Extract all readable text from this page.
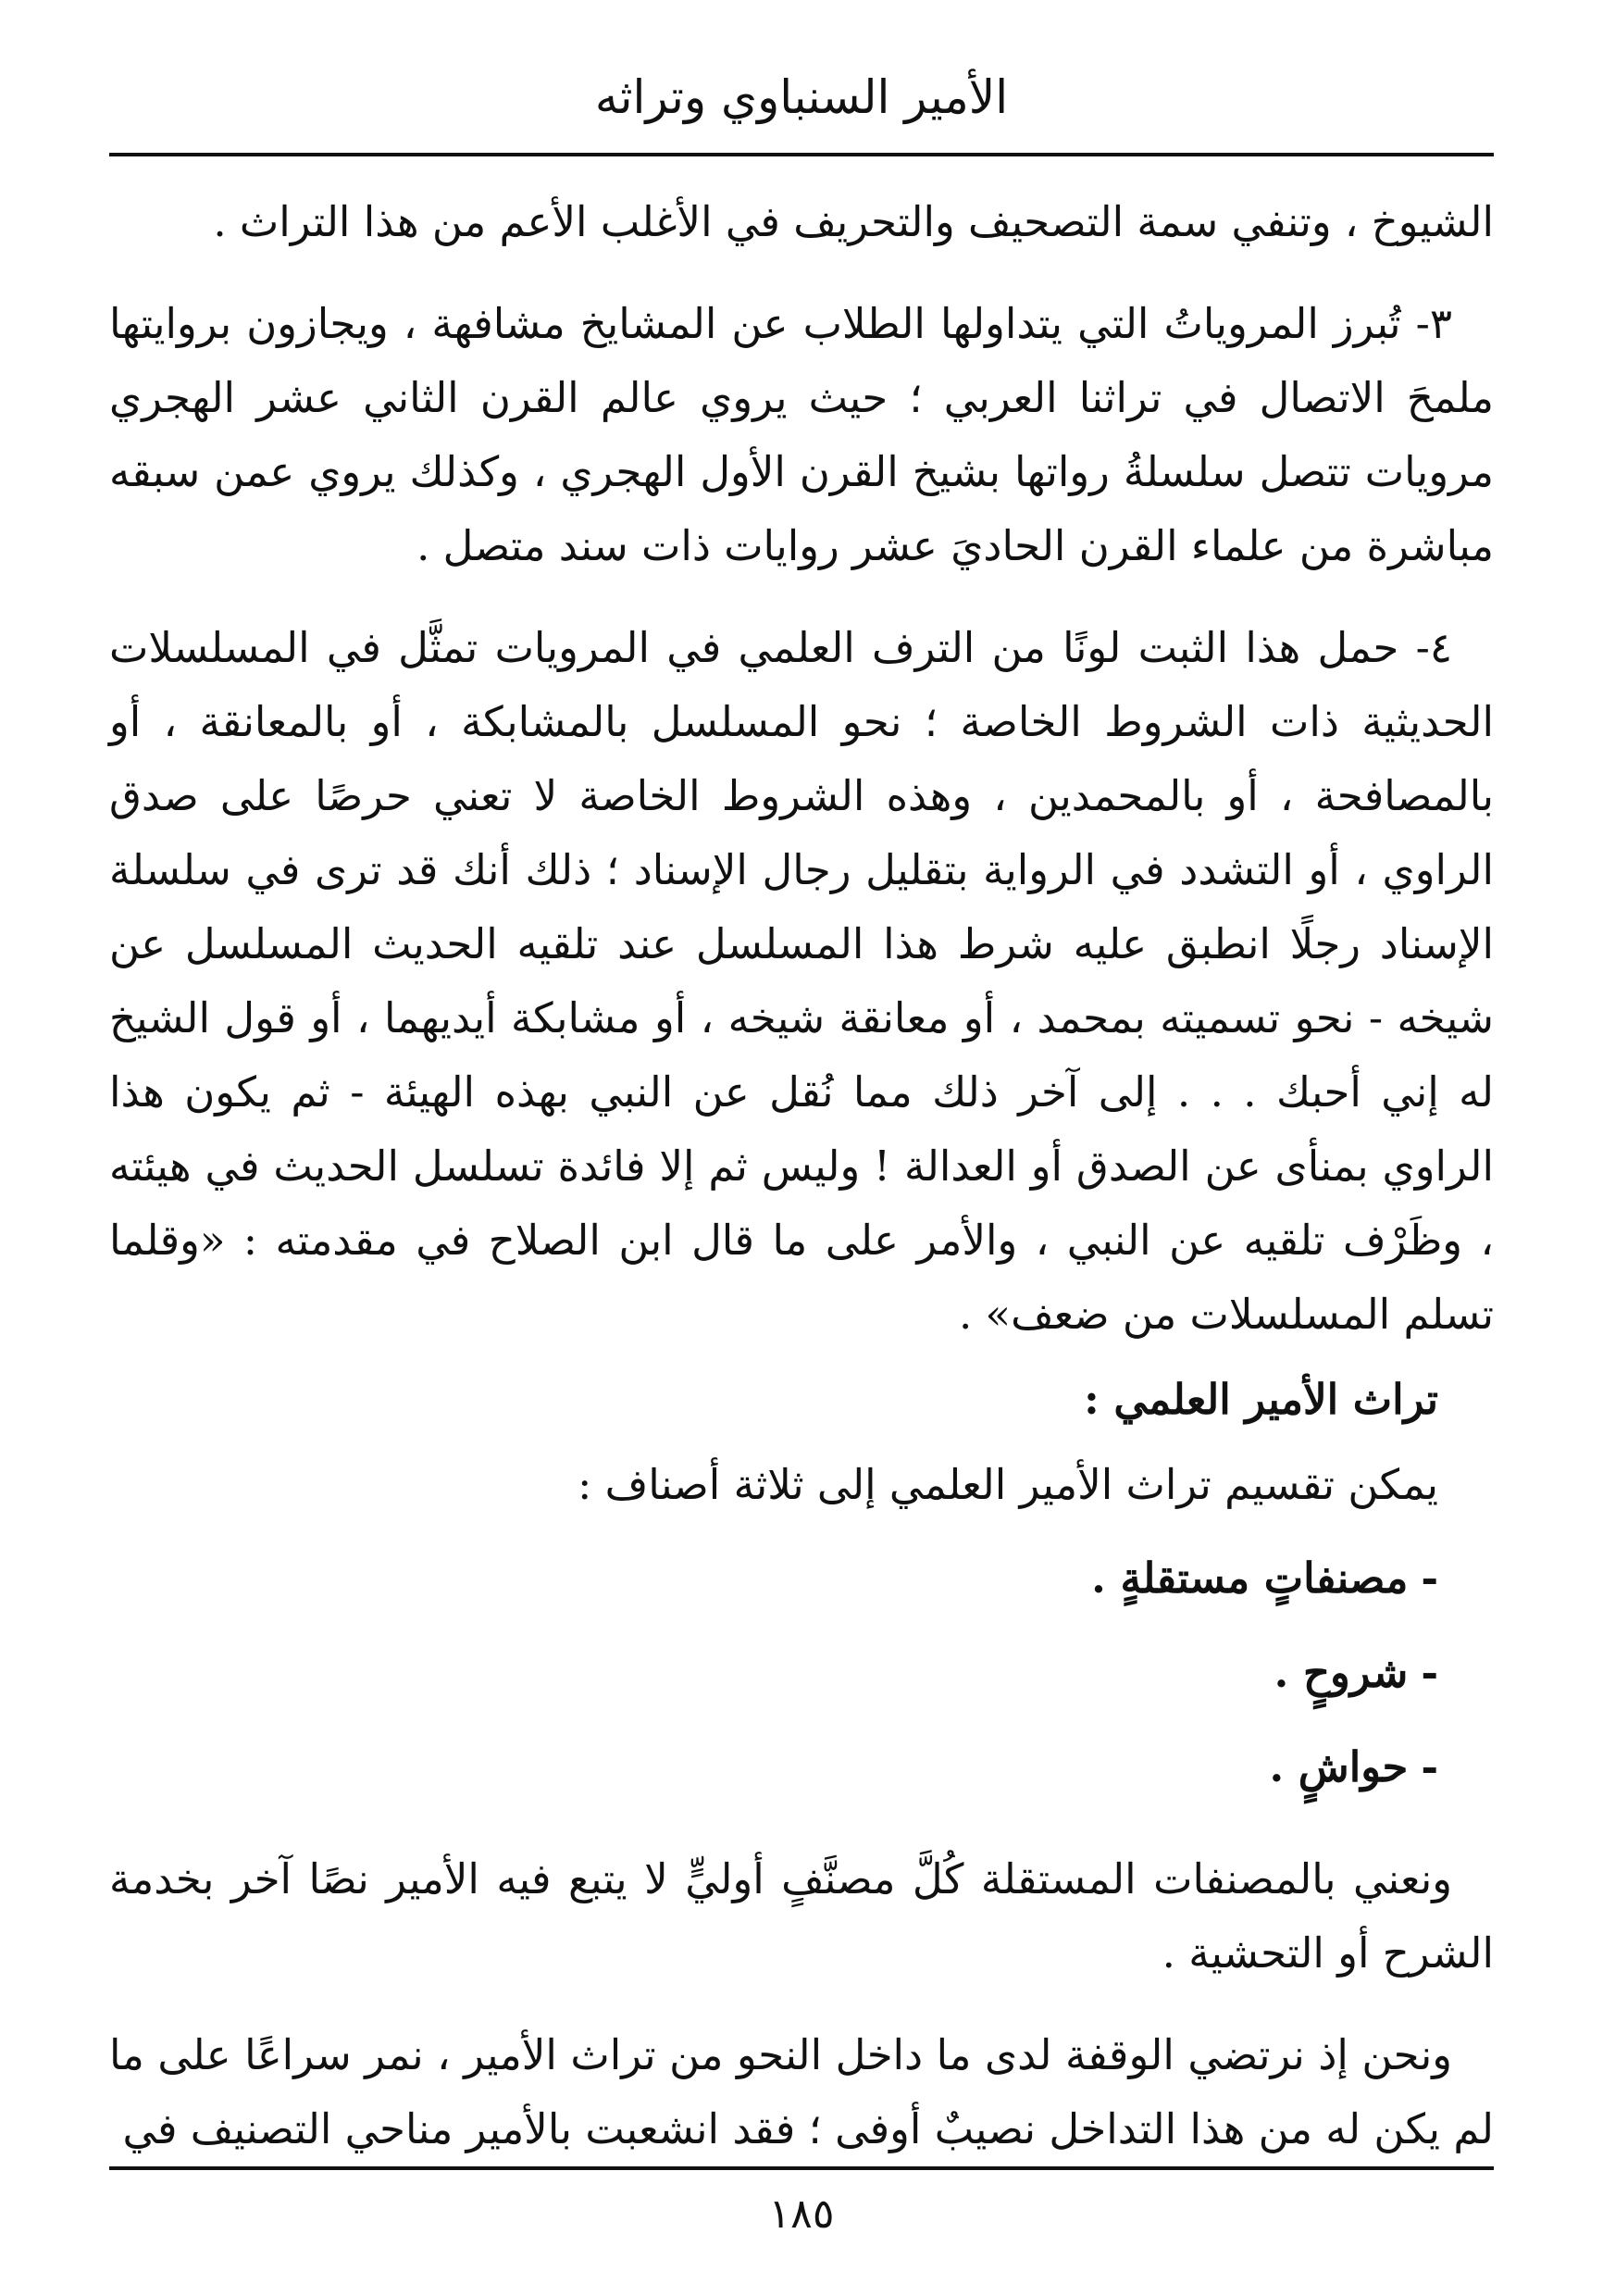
الأمير السنباوي وتراثه

الشيوخ ، وتنفي سمة التصحيف والتحريف في الأغلب الأعم من هذا التراث .

٣- تُبرز المروياتُ التي يتداولها الطلاب عن المشايخ مشافهة ، ويجازون بروايتها ملمحَ الاتصال في تراثنا العربي ؛ حيث يروي عالم القرن الثاني عشر الهجري مرويات تتصل سلسلةُ رواتها بشيخ القرن الأول الهجري ، وكذلك يروي عمن سبقه مباشرة من علماء القرن الحاديَ عشر روايات ذات سند متصل .

٤- حمل هذا الثبت لونًا من الترف العلمي في المرويات تمثَّل في المسلسلات الحديثية ذات الشروط الخاصة ؛ نحو المسلسل بالمشابكة ، أو بالمعانقة ، أو بالمصافحة ، أو بالمحمدين ، وهذه الشروط الخاصة لا تعني حرصًا على صدق الراوي ، أو التشدد في الرواية بتقليل رجال الإسناد ؛ ذلك أنك قد ترى في سلسلة الإسناد رجلًا انطبق عليه شرط هذا المسلسل عند تلقيه الحديث المسلسل عن شيخه - نحو تسميته بمحمد ، أو معانقة شيخه ، أو مشابكة أيديهما ، أو قول الشيخ له إني أحبك . . . إلى آخر ذلك مما نُقل عن النبي بهذه الهيئة - ثم يكون هذا الراوي بمنأى عن الصدق أو العدالة ! وليس ثم إلا فائدة تسلسل الحديث في هيئته ، وظَرْف تلقيه عن النبي ، والأمر على ما قال ابن الصلاح في مقدمته : «وقلما تسلم المسلسلات من ضعف» .

تراث الأمير العلمي :

يمكن تقسيم تراث الأمير العلمي إلى ثلاثة أصناف :

-مصنفاتٍ مستقلةٍ .
-شروحٍ .
-حواشٍ .

ونعني بالمصنفات المستقلة كُلَّ مصنَّفٍ أوليٍّ لا يتبع فيه الأمير نصًا آخر بخدمة الشرح أو التحشية .

ونحن إذ نرتضي الوقفة لدى ما داخل النحو من تراث الأمير ، نمر سراعًا على ما لم يكن له من هذا التداخل نصيبٌ أوفى ؛ فقد انشعبت بالأمير مناحي التصنيف في

١٨٥
